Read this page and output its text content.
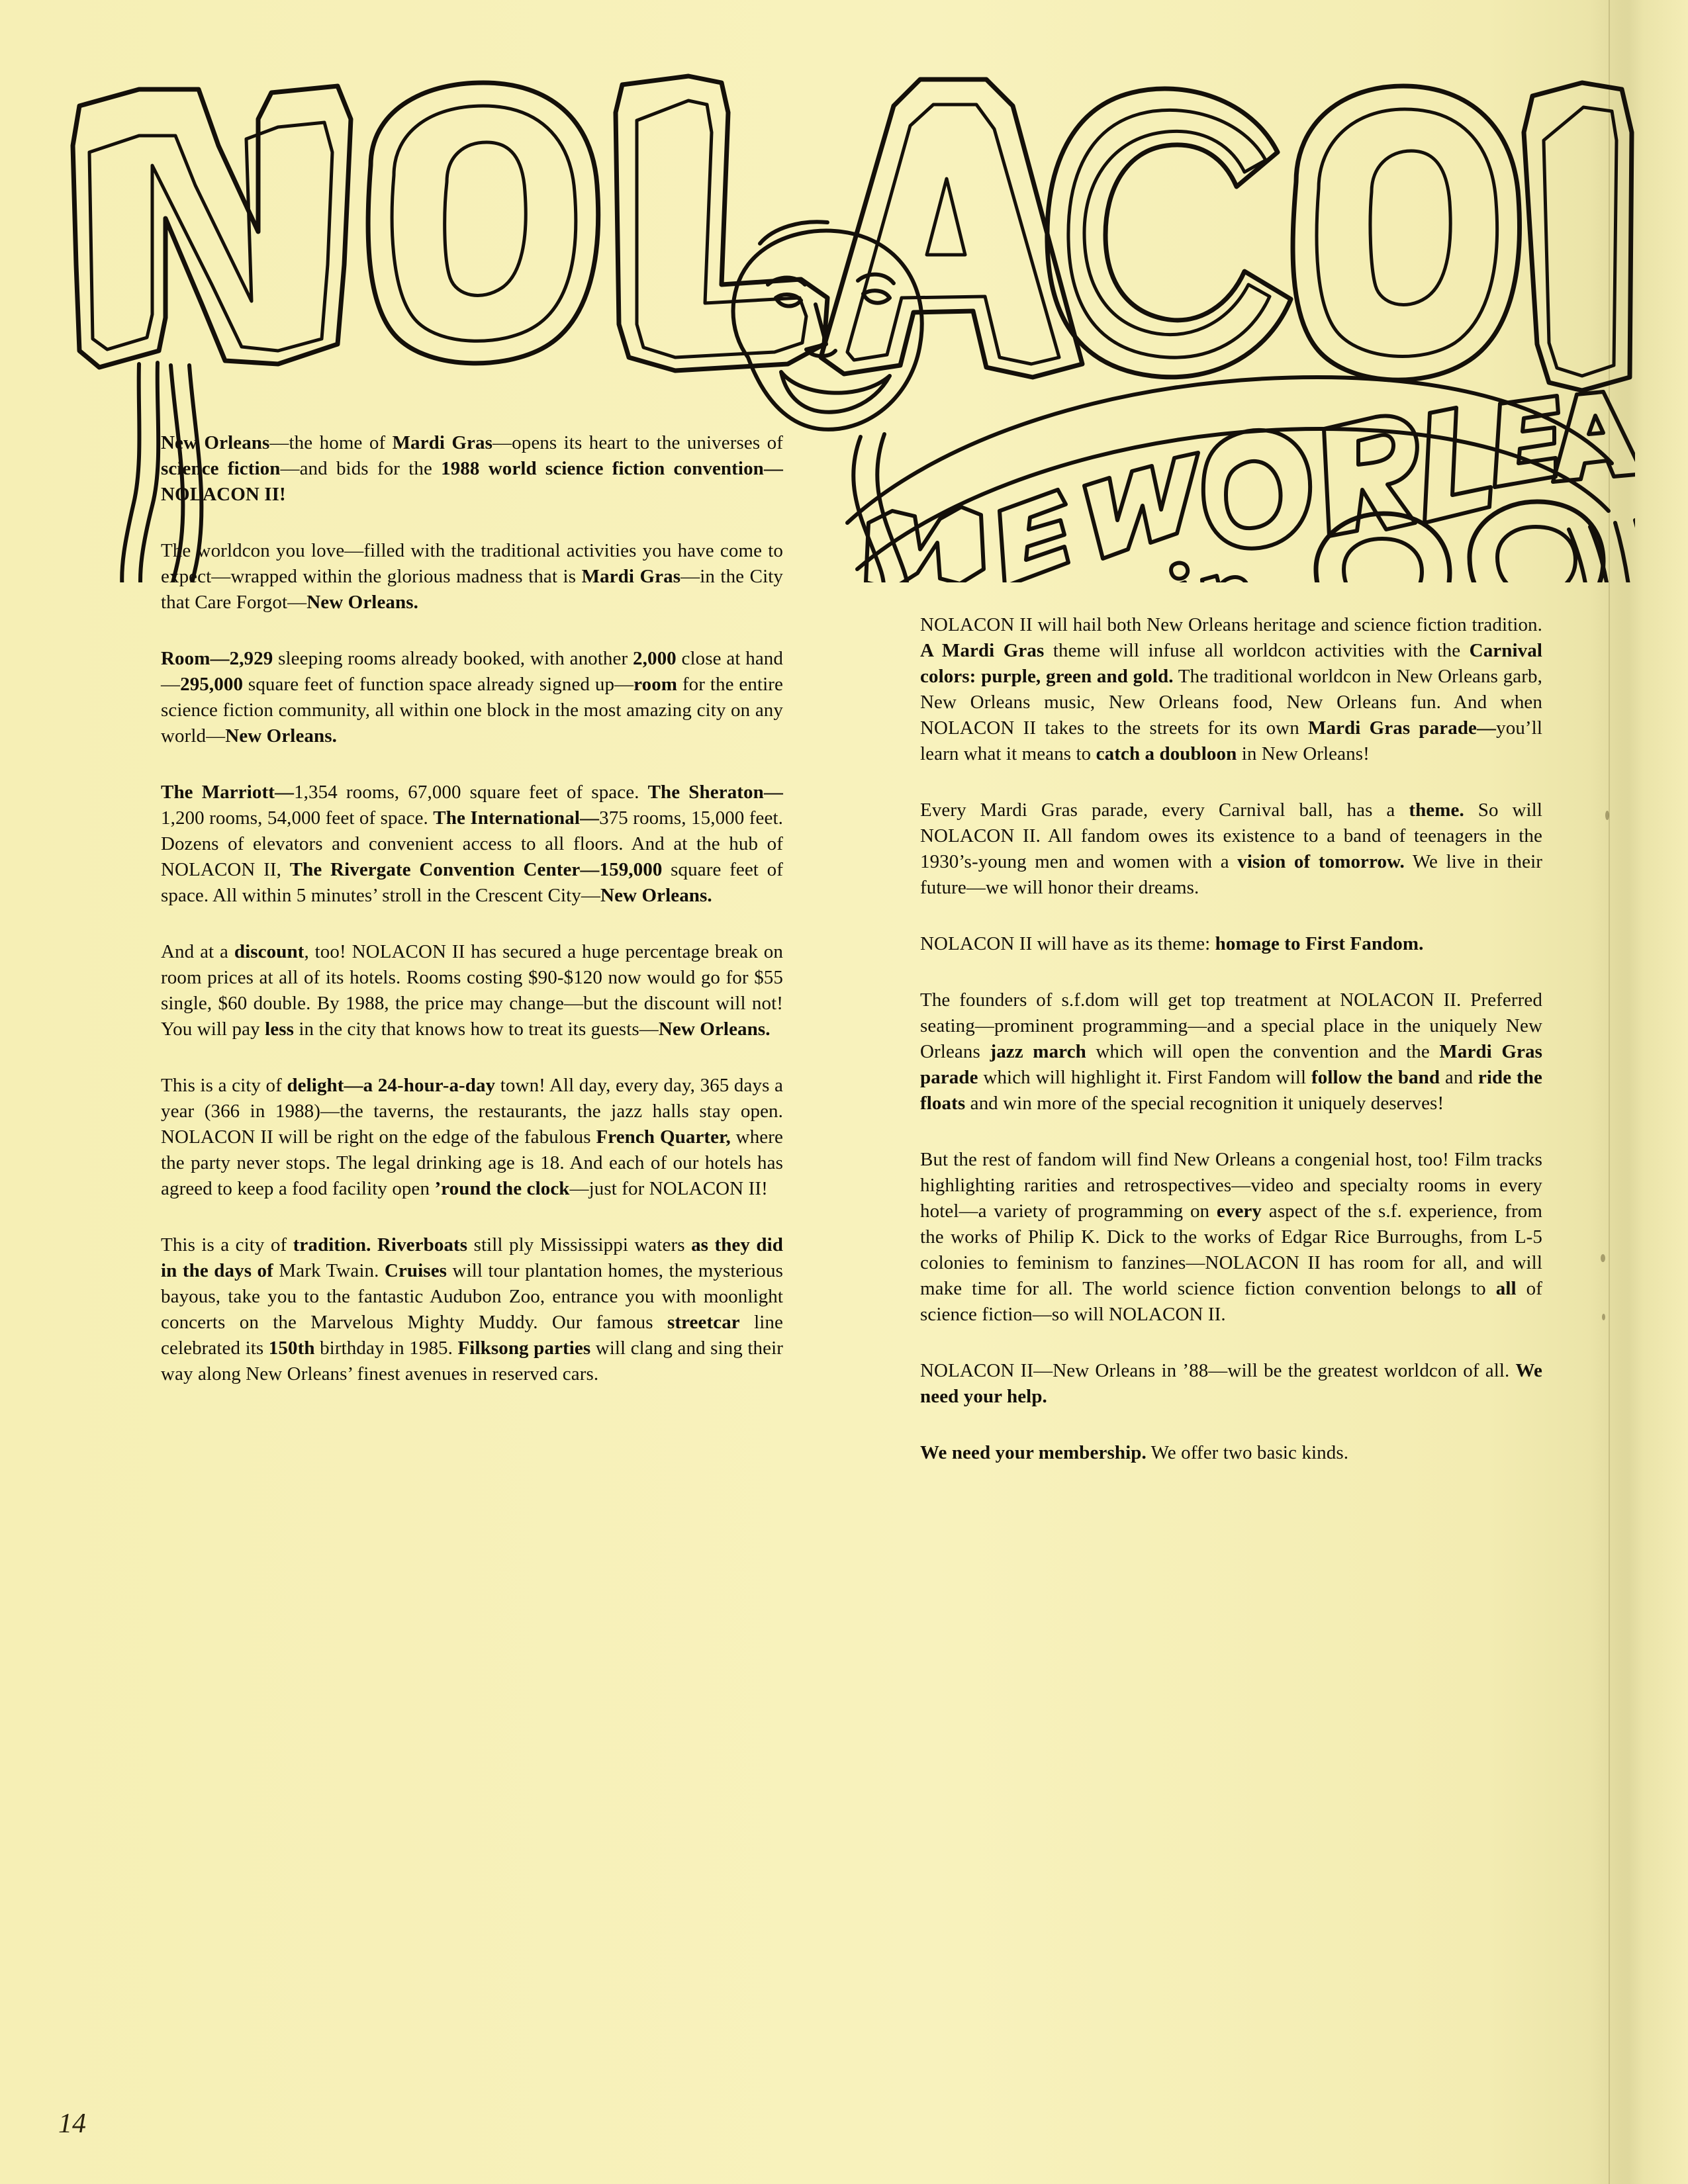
New Orleans—the home of Mardi Gras—opens its heart to the universes of science fiction—and bids for the 1988 world science fiction convention— NOLACON II!

The worldcon you love—filled with the traditional activities you have come to expect—wrapped within the glorious madness that is Mardi Gras—in the City that Care Forgot—New Orleans.

Room—2,929 sleeping rooms already booked, with another 2,000 close at hand—295,000 square feet of function space already signed up—room for the entire science fiction community, all within one block in the most amazing city on any world—New Orleans.

The Marriott—1,354 rooms, 67,000 square feet of space. The Sheraton—1,200 rooms, 54,000 feet of space. The International—375 rooms, 15,000 feet. Dozens of elevators and convenient access to all floors. And at the hub of NOLACON II, The Rivergate Convention Center—159,000 square feet of space. All within 5 minutes’ stroll in the Crescent City—New Orleans.

And at a discount, too! NOLACON II has secured a huge percentage break on room prices at all of its hotels. Rooms costing $90-$120 now would go for $55 single, $60 double. By 1988, the price may change—but the discount will not! You will pay less in the city that knows how to treat its guests—New Orleans.

This is a city of delight—a 24-hour-a-day town! All day, every day, 365 days a year (366 in 1988)—the taverns, the restaurants, the jazz halls stay open. NOLACON II will be right on the edge of the fabulous French Quarter, where the party never stops. The legal drinking age is 18. And each of our hotels has agreed to keep a food facility open ’round the clock—just for NOLACON II!

This is a city of tradition. Riverboats still ply Mississippi waters as they did in the days of Mark Twain. Cruises will tour plantation homes, the mysterious bayous, take you to the fantastic Audubon Zoo, entrance you with moonlight concerts on the Marvelous Mighty Muddy. Our famous streetcar line celebrated its 150th birthday in 1985. Filksong parties will clang and sing their way along New Orleans’ finest avenues in reserved cars.

NOLACON II will hail both New Orleans heritage and science fiction tradition. A Mardi Gras theme will infuse all worldcon activities with the Carnival colors: purple, green and gold. The traditional worldcon in New Orleans garb, New Orleans music, New Orleans food, New Orleans fun. And when NOLACON II takes to the streets for its own Mardi Gras parade—you’ll learn what it means to catch a doubloon in New Orleans!

Every Mardi Gras parade, every Carnival ball, has a theme. So will NOLACON II. All fandom owes its existence to a band of teenagers in the 1930’s-young men and women with a vision of tomorrow. We live in their future—we will honor their dreams.

NOLACON II will have as its theme: homage to First Fandom.

The founders of s.f.dom will get top treatment at NOLACON II. Preferred seating—prominent programming—and a special place in the uniquely New Orleans jazz march which will open the convention and the Mardi Gras parade which will highlight it. First Fandom will follow the band and ride the floats and win more of the special recognition it uniquely deserves!

But the rest of fandom will find New Orleans a congenial host, too! Film tracks highlighting rarities and retrospectives—video and specialty rooms in every hotel—a variety of programming on every aspect of the s.f. experience, from the works of Philip K. Dick to the works of Edgar Rice Burroughs, from L-5 colonies to feminism to fanzines—NOLACON II has room for all, and will make time for all. The world science fiction convention belongs to all of science fiction—so will NOLACON II.

NOLACON II—New Orleans in ’88—will be the greatest worldcon of all. We need your help.

We need your membership. We offer two basic kinds.

14
